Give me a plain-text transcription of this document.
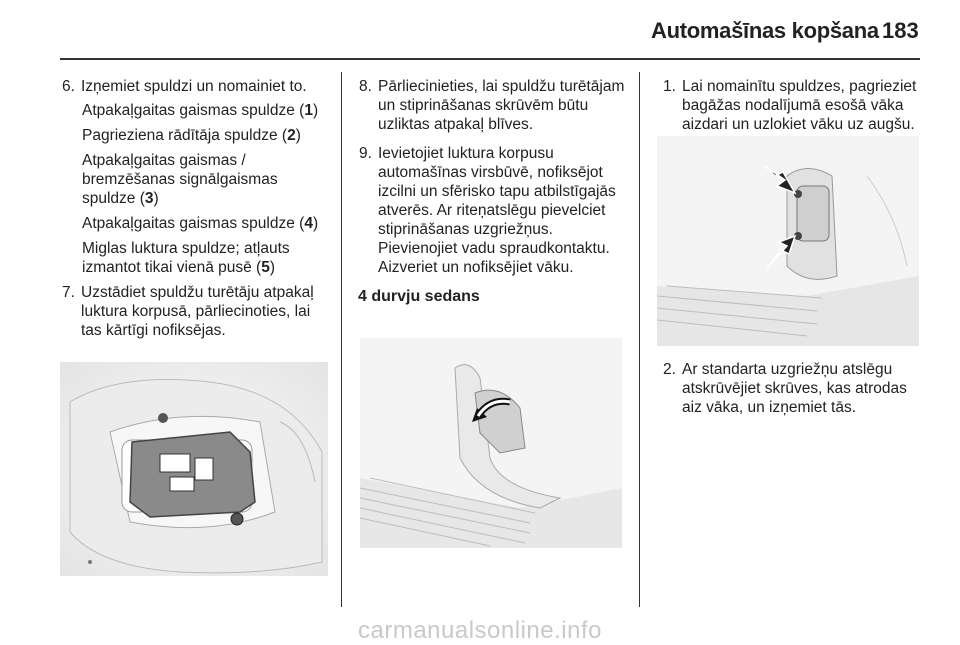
Automašīnas kopšana 183
6. Izņemiet spuldzi un nomainiet to.
Atpakaļgaitas gaismas spuldze (1)
Pagrieziena rādītāja spuldze (2)
Atpakaļgaitas gaismas / bremzēšanas signālgaismas spuldze (3)
Atpakaļgaitas gaismas spuldze (4)
Miglas luktura spuldze; atļauts izmantot tikai vienā pusē (5)
7. Uzstādiet spuldžu turētāju atpakaļ luktura korpusā, pārliecinoties, lai tas kārtīgi nofiksējas.
8. Pārliecinieties, lai spuldžu turētājam un stiprināšanas skrūvēm būtu uzliktas atpakaļ blīves.
9. Ievietojiet luktura korpusu automašīnas virsbūvē, nofiksējot izcilni un sfērisko tapu atbilstīgajās atverēs. Ar riteņatslēgu pievelciet stiprināšanas uzgriežņus. Pievienojiet vadu spraudkontaktu. Aizveriet un nofiksējiet vāku.
4 durvju sedans
1. Lai nomainītu spuldzes, pagrieziet bagāžas nodalījumā esošā vāka aizdari un uzlokiet vāku uz augšu.
2. Ar standarta uzgriežņu atslēgu atskrūvējiet skrūves, kas atrodas aiz vāka, un izņemiet tās.
carmanualsonline.info
